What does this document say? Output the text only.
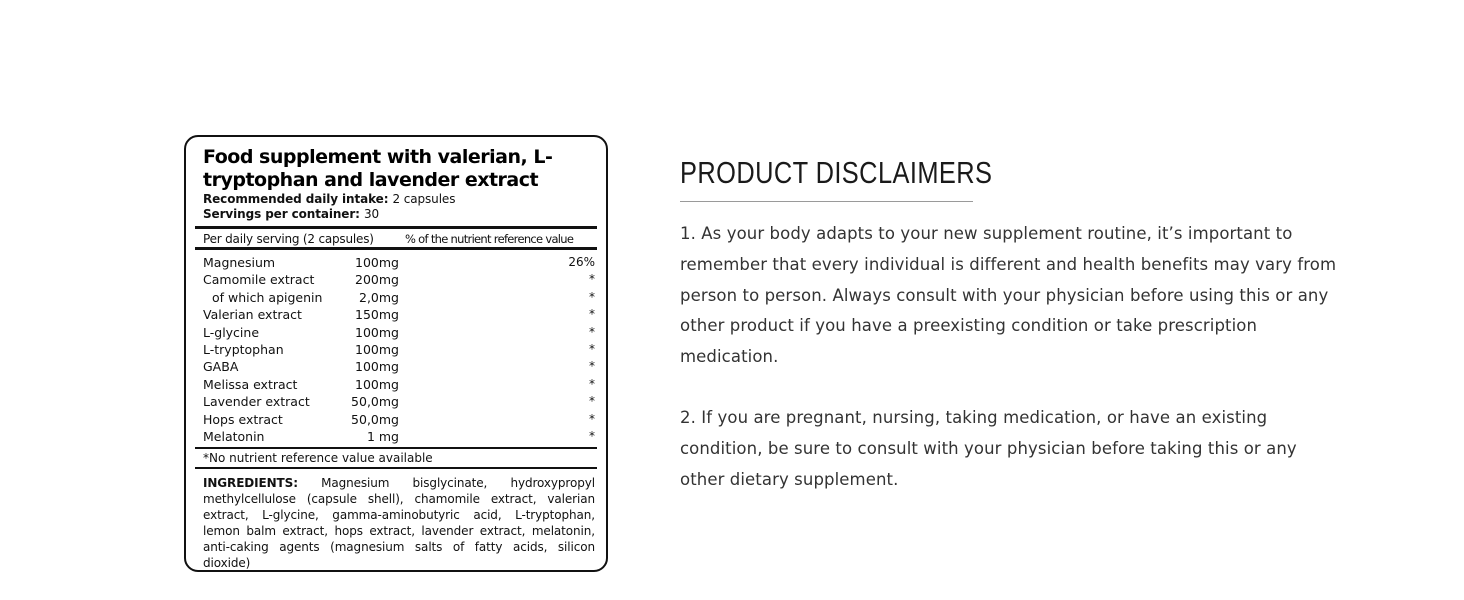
Food supplement with valerian, L-tryptophan and lavender extract
Recommended daily intake: 2 capsules
Servings per container: 30
Per daily serving (2 capsules)	% of the nutrient reference value
Magnesium	100mg	26%
Camomile extract	200mg	*
of which apigenin	2,0mg	*
Valerian extract	150mg	*
L-glycine	100mg	*
L-tryptophan	100mg	*
GABA	100mg	*
Melissa extract	100mg	*
Lavender extract	50,0mg	*
Hops extract	50,0mg	*
Melatonin	1 mg	*
*No nutrient reference value available
INGREDIENTS: Magnesium bisglycinate, hydroxypropyl methylcellulose (capsule shell), chamomile extract, valerian extract, L-glycine, gamma-aminobutyric acid, L-tryptophan, lemon balm extract, hops extract, lavender extract, melatonin, anti-caking agents (magnesium salts of fatty acids, silicon dioxide)
PRODUCT DISCLAIMERS

1. As your body adapts to your new supplement routine, it’s important to remember that every individual is different and health benefits may vary from person to person. Always consult with your physician before using this or any other product if you have a preexisting condition or take prescription medication.

2. If you are pregnant, nursing, taking medication, or have an existing condition, be sure to consult with your physician before taking this or any other dietary supplement.
